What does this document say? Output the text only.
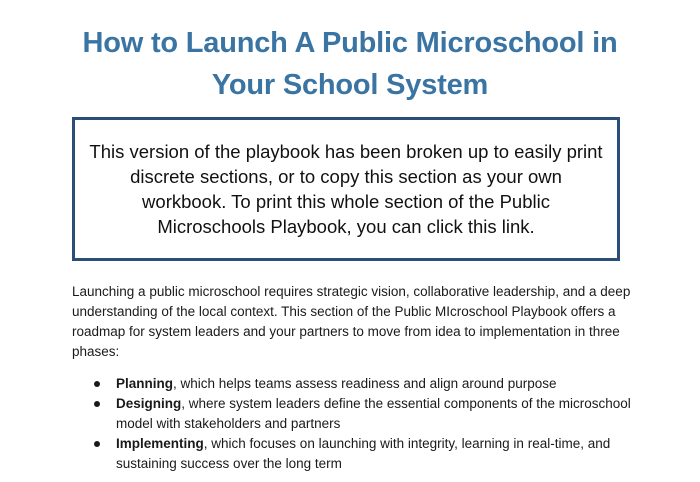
How to Launch A Public Microschool in
Your School System

This version of the playbook has been broken up to easily print discrete sections, or to copy this section as your own workbook. To print this whole section of the Public Microschools Playbook, you can click this link.

Launching a public microschool requires strategic vision, collaborative leadership, and a deep understanding of the local context. This section of the Public MIcroschool Playbook offers a roadmap for system leaders and your partners to move from idea to implementation in three phases:

Planning, which helps teams assess readiness and align around purpose
Designing, where system leaders define the essential components of the microschool model with stakeholders and partners
Implementing, which focuses on launching with integrity, learning in real-time, and sustaining success over the long term
